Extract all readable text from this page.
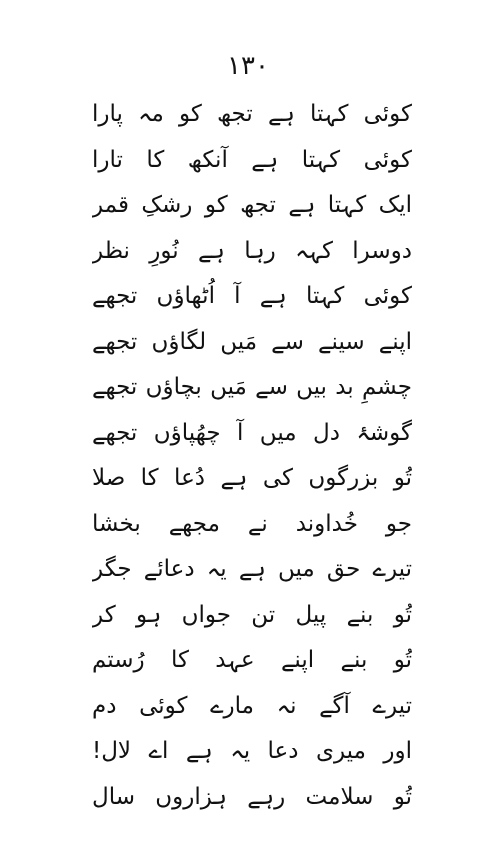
۱۳۰
کوئی کہتا ہے تجھ کو مہ پارا
کوئی کہتا ہے آنکھ کا تارا
ایک کہتا ہے تجھ کو رشکِ قمر
دوسرا کہہ رہا ہے نُورِ نظر
کوئی کہتا ہے آ اُٹھاؤں تجھے
اپنے سینے سے مَیں لگاؤں تجھے
چشمِ بد بیں سے مَیں بچاؤں تجھے
گوشۂ دل میں آ چھُپاؤں تجھے
تُو بزرگوں کی ہے دُعا کا صلا
جو خُداوند نے مجھے بخشا
تیرے حق میں ہے یہ دعائے جگر
تُو بنے پیل تن جواں ہو کر
تُو بنے اپنے عہد کا رُستم
تیرے آگے نہ مارے کوئی دم
اور میری دعا یہ ہے اے لال!
تُو سلامت رہے ہزاروں سال
